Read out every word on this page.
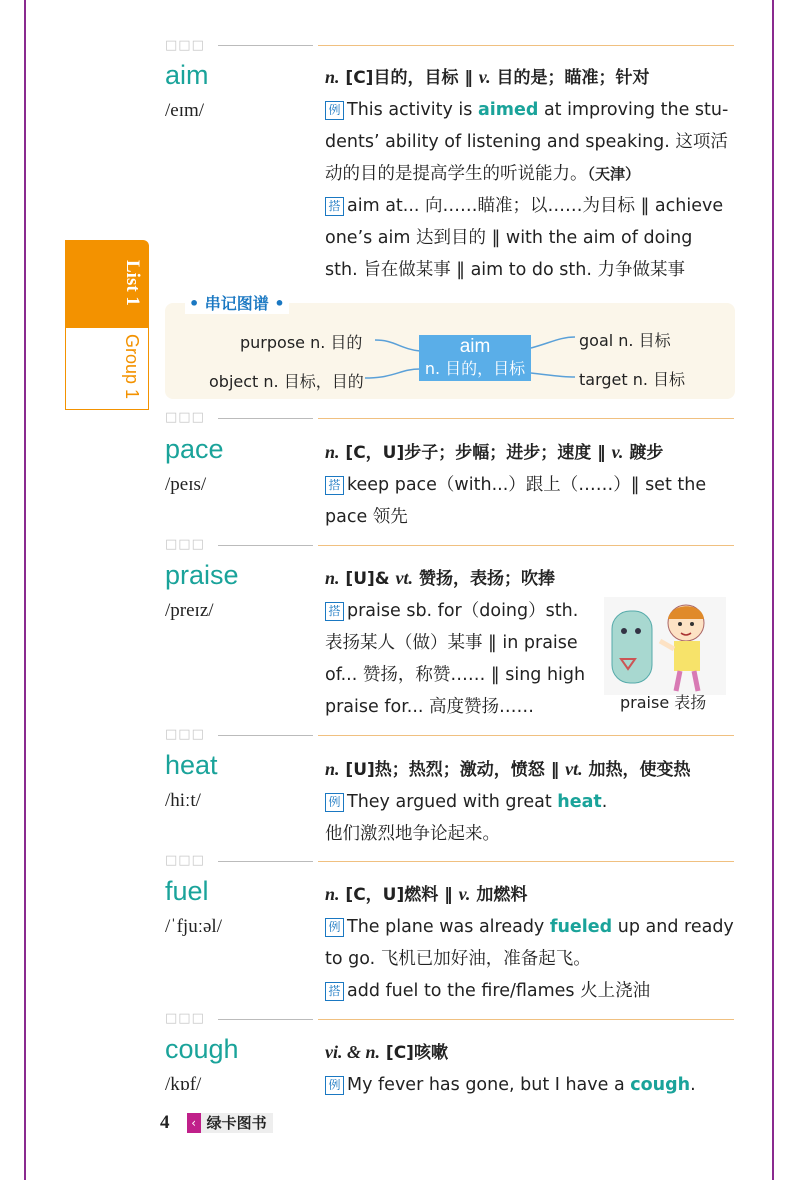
List 1
Group 1
□□□
aim
/eɪm/
n. [C]目的，目标 ‖ v. 目的是；瞄准；针对
例 This activity is aimed at improving the stu-
dents’ ability of listening and speaking. 这项活
动的目的是提高学生的听说能力。（天津）
搭 aim at... 向……瞄准；以……为目标 ‖ achieve
one’s aim 达到目的 ‖ with the aim of doing
sth. 旨在做某事 ‖ aim to do sth. 力争做某事
• 串记图谱 •
aim
n. 目的，目标
purpose n. 目的
object n. 目标，目的
goal n. 目标
target n. 目标
□□□
pace
/peɪs/
n. [C，U]步子；步幅；进步；速度 ‖ v. 踱步
搭 keep pace（with...）跟上（……）‖ set the
pace 领先
□□□
praise
/preɪz/
n. [U]& vt. 赞扬，表扬；吹捧
搭 praise sb. for（doing）sth.
表扬某人（做）某事 ‖ in praise
of... 赞扬，称赞…… ‖ sing high
praise for... 高度赞扬……	praise 表扬
□□□
heat
/hiːt/
n. [U]热；热烈；激动，愤怒 ‖ vt. 加热，使变热
例 They argued with great heat.
他们激烈地争论起来。
□□□
fuel
/ˈfjuːəl/
n. [C，U]燃料 ‖ v. 加燃料
例 The plane was already fueled up and ready
to go. 飞机已加好油，准备起飞。
搭 add fuel to the fire/flames 火上浇油
□□□
cough
/kɒf/
vi. & n. [C]咳嗽
例 My fever has gone, but I have a cough.
4 ‹ 绿卡图书
